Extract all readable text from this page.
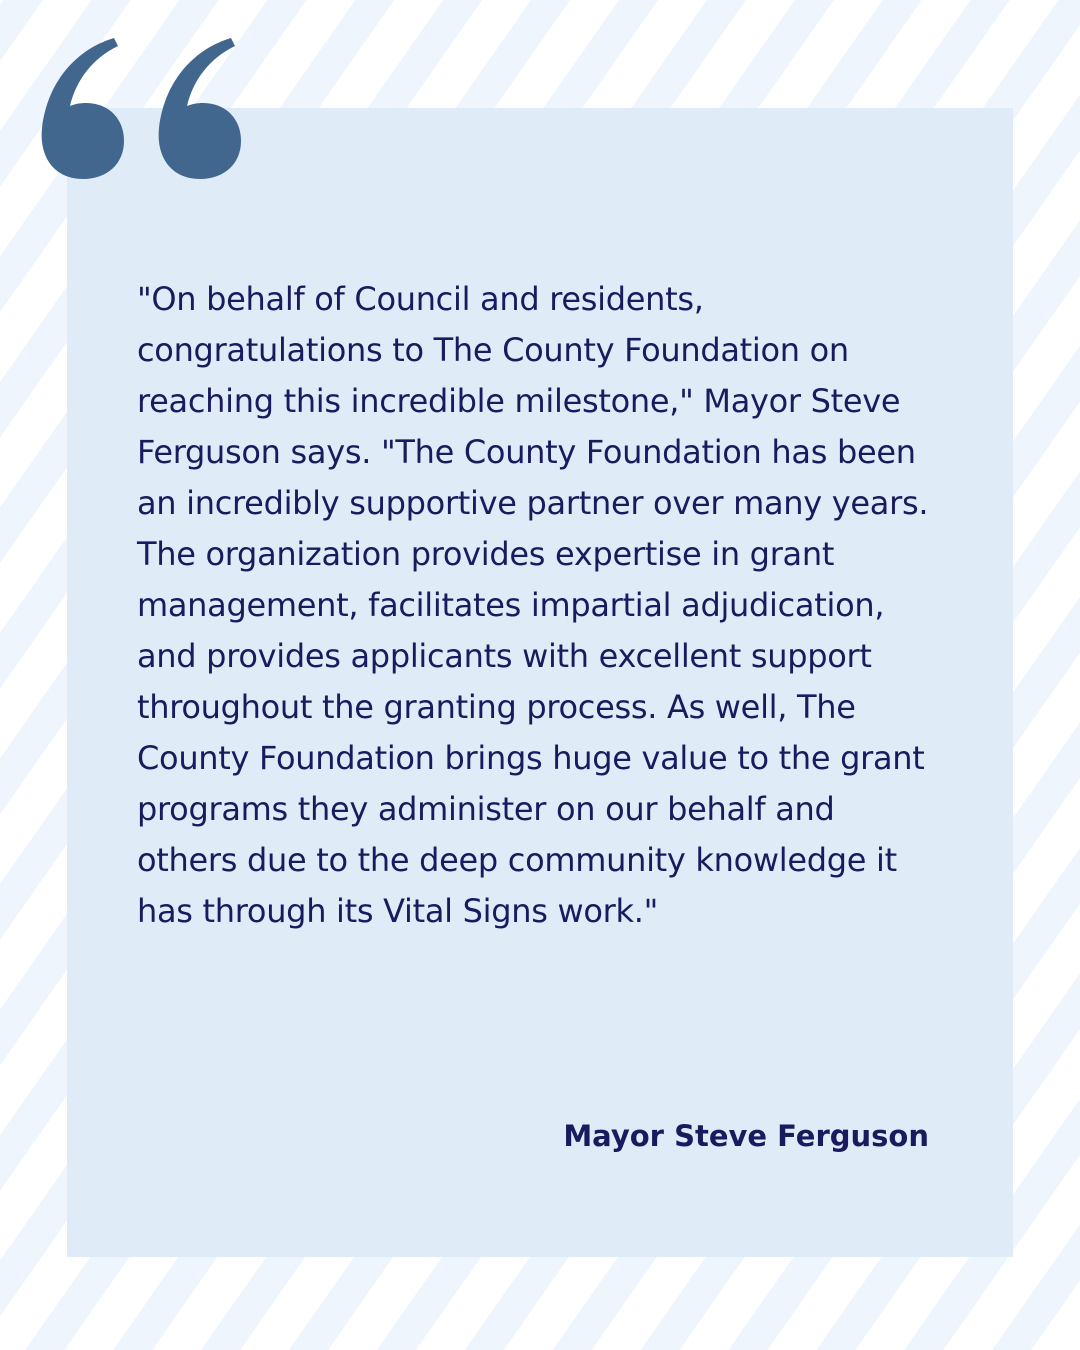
"On behalf of Council and residents, congratulations to The County Foundation on reaching this incredible milestone," Mayor Steve Ferguson says. "The County Foundation has been an incredibly supportive partner over many years. The organization provides expertise in grant management, facilitates impartial adjudication, and provides applicants with excellent support throughout the granting process. As well, The County Foundation brings huge value to the grant programs they administer on our behalf and others due to the deep community knowledge it has through its Vital Signs work."

Mayor Steve Ferguson
